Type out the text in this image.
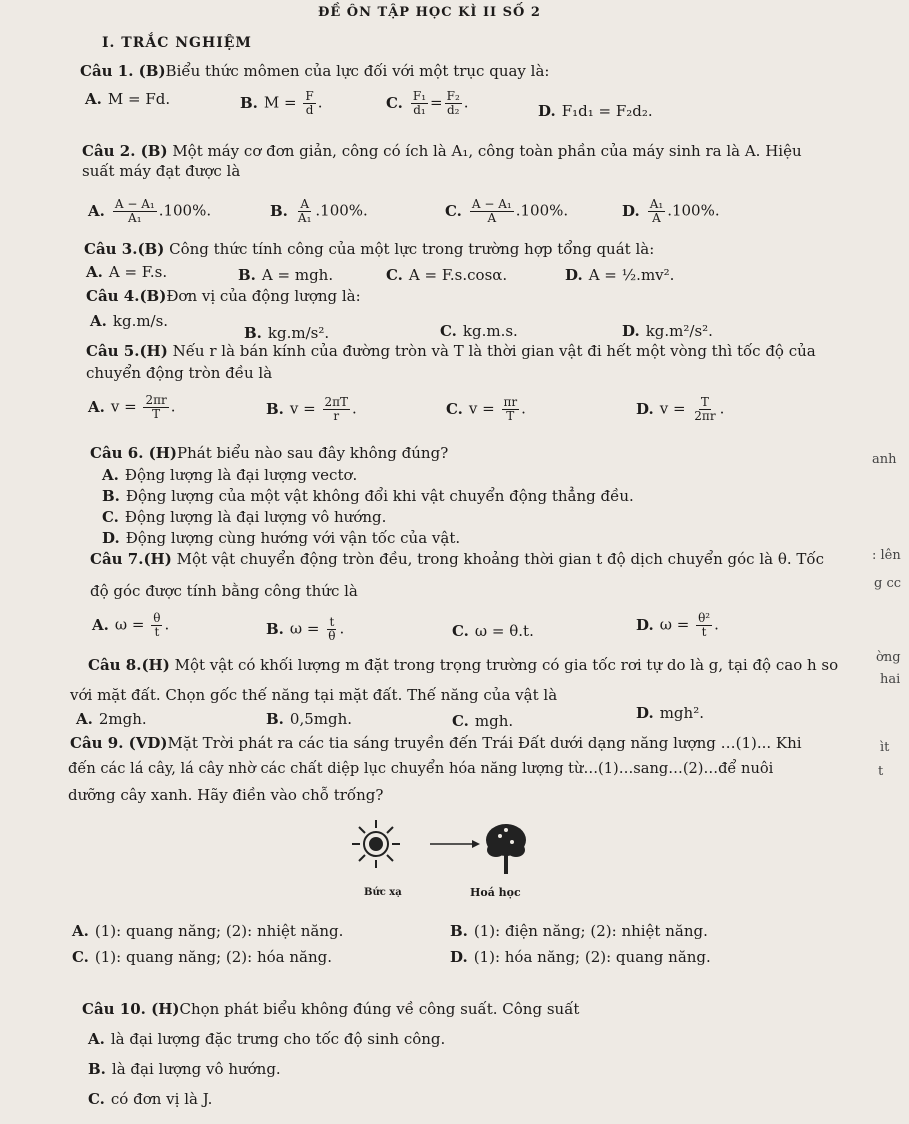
ĐỀ ÔN TẬP HỌC KÌ II SỐ 2
I. TRẮC NGHIỆM
Câu 1. (B)Biểu thức mômen của lực đối với một trục quay là:
A. M = Fd.	B. $M = \frac{F}{d}$ .	C. $\frac{\text{F₁}}{\text{d₁}} = \frac{\text{F₂}}{\text{d₂}}$ .	D. F₁d₁ = F₂d₂.
Câu 2. (B) Một máy cơ đơn giản, công có ích là A₁, công toàn phần của máy sinh ra là A. Hiệu
suất máy đạt được là
A. $\frac{\text{A − A₁}}{\text{A₁}} .100\%$.	B. $\frac{A}{\text{A₁}} .100\%$.	C. $\frac{\text{A − A₁}}{A} .100\%$.	D. $\frac{\text{A₁}}{A} .100\%$.
Câu 3.(B) Công thức tính công của một lực trong trường hợp tổng quát là:
A. A = F.s.	B. A = mgh.	C. A = F.s.cosα.	D. A = ½.mv².
Câu 4.(B)Đơn vị của động lượng là:
A. kg.m/s.
B. kg.m/s².	C. kg.m.s.	D. kg.m²/s².
Câu 5.(H) Nếu r là bán kính của đường tròn và T là thời gian vật đi hết một vòng thì tốc độ của
chuyển động tròn đều là
A. $v = \frac{2\pi r}{T}$ .	B. $v = \frac{2\pi T}{r}$ .	C. $v = \frac{\pi r}{T}$ .	D. $v = \frac{T}{2\pi r}$ .
Câu 6. (H)Phát biểu nào sau đây không đúng?
A. Động lượng là đại lượng vectơ.
B. Động lượng của một vật không đổi khi vật chuyển động thẳng đều.
C. Động lượng là đại lượng vô hướng.
D. Động lượng cùng hướng với vận tốc của vật.
Câu 7.(H) Một vật chuyển động tròn đều, trong khoảng thời gian t độ dịch chuyển góc là θ. Tốc
độ góc được tính bằng công thức là
A. $\omega = \frac{\theta}{t}$ .	B. $\omega = \frac{t}{\theta}$ .	C. ω = θ.t.	D. $\omega = \frac{\text{θ²}}{t}$ .
Câu 8.(H) Một vật có khối lượng m đặt trong trọng trường có gia tốc rơi tự do là g, tại độ cao h so
với mặt đất. Chọn gốc thế năng tại mặt đất. Thế năng của vật là
A. 2mgh.	B. 0,5mgh.	C. mgh.	D. mgh².
Câu 9. (VD)Mặt Trời phát ra các tia sáng truyền đến Trái Đất dưới dạng năng lượng …(1)... Khi
đến các lá cây, lá cây nhờ các chất diệp lục chuyển hóa năng lượng từ…(1)…sang…(2)…để nuôi
dưỡng cây xanh. Hãy điền vào chỗ trống?
Bức xạ	Hoá học
A. (1): quang năng; (2): nhiệt năng.	B. (1): điện năng; (2): nhiệt năng.
C. (1): quang năng; (2): hóa năng.	D. (1): hóa năng; (2): quang năng.
Câu 10. (H)Chọn phát biểu không đúng về công suất. Công suất
A. là đại lượng đặc trưng cho tốc độ sinh công.
B. là đại lượng vô hướng.
C. có đơn vị là J.
anh
: lên
g cc
ờng
hai
ìt
t
